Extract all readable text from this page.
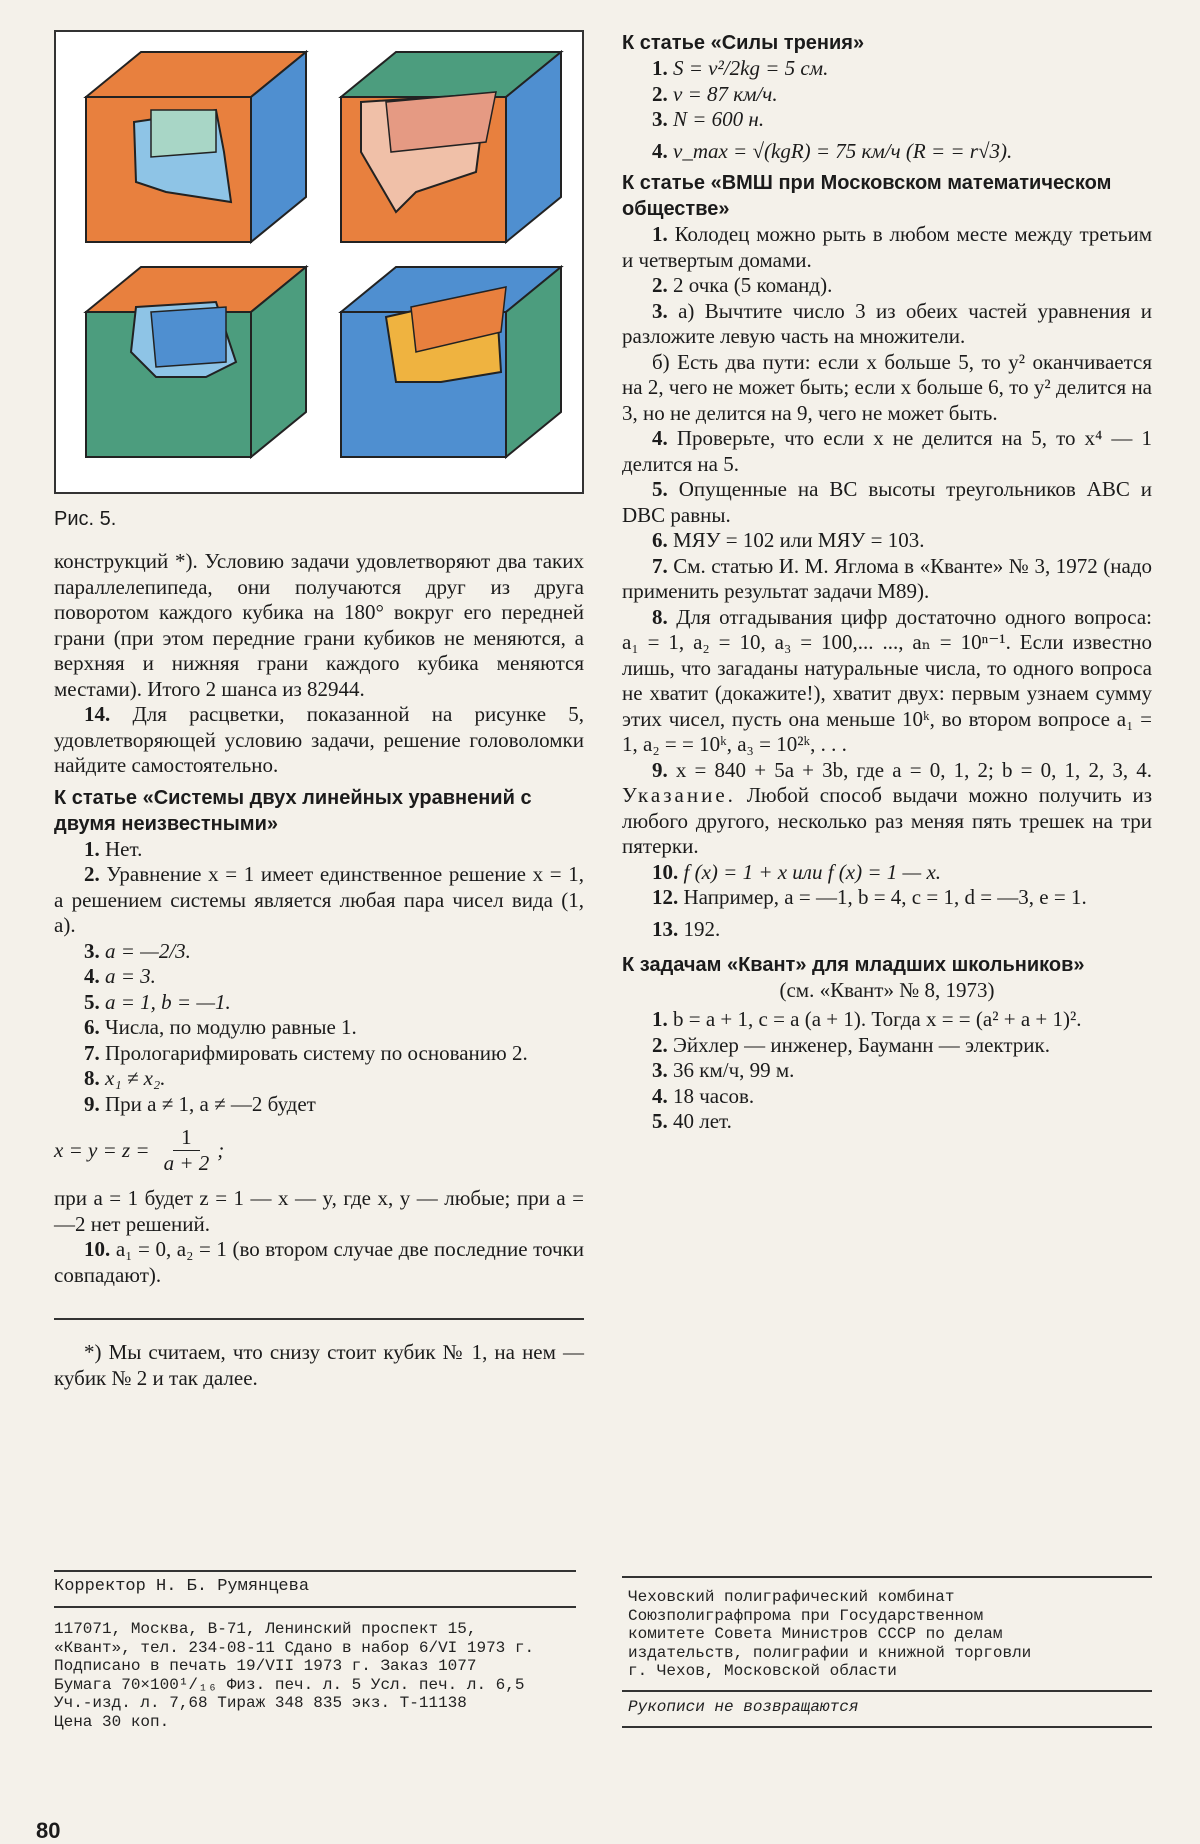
Рис. 5.

конструкций *). Условию задачи удовлетворяют два таких параллелепипеда, они получаются друг из друга поворотом каждого кубика на 180° вокруг его передней грани (при этом передние грани кубиков не меняются, а верхняя и нижняя грани каждого кубика меняются местами). Итого 2 шанса из 82944.

14. Для расцветки, показанной на рисунке 5, удовлетворяющей условию задачи, решение головоломки найдите самостоятельно.

К статье «Системы двух линейных уравнений с двумя неизвестными»

1. Нет.

2. Уравнение x = 1 имеет единственное решение x = 1, а решением системы является любая пара чисел вида (1, a).

3. a = —2/3.

4. a = 3.

5. a = 1, b = —1.

6. Числа, по модулю равные 1.

7. Прологарифмировать систему по основанию 2.

8. x₁ ≠ x₂.

9. При a ≠ 1, a ≠ —2 будет

$x = y = z = \frac{1}{a + 2}$ ;

при a = 1 будет z = 1 — x — y, где x, y — любые; при a = —2 нет решений.

10. a₁ = 0, a₂ = 1 (во втором случае две последние точки совпадают).

*) Мы считаем, что снизу стоит кубик № 1, на нем — кубик № 2 и так далее.
К статье «Силы трения»

1. S = v²/2kg = 5 см.

2. v = 87 км/ч.

3. N = 600 н.

4. v_max = √(kgR) = 75 км/ч (R = = r√3).

К статье «ВМШ при Московском математическом обществе»

1. Колодец можно рыть в любом месте между третьим и четвертым домами.

2. 2 очка (5 команд).

3. а) Вычтите число 3 из обеих частей уравнения и разложите левую часть на множители.

б) Есть два пути: если x больше 5, то y² оканчивается на 2, чего не может быть; если x больше 6, то y² делится на 3, но не делится на 9, чего не может быть.

4. Проверьте, что если x не делится на 5, то x⁴ — 1 делится на 5.

5. Опущенные на BC высоты треугольников ABC и DBC равны.

6. МЯУ = 102 или МЯУ = 103.

7. См. статью И. М. Яглома в «Кванте» № 3, 1972 (надо применить результат задачи М89).

8. Для отгадывания цифр достаточно одного вопроса: a₁ = 1, a₂ = 10, a₃ = 100,... ..., aₙ = 10ⁿ⁻¹. Если известно лишь, что загаданы натуральные числа, то одного вопроса не хватит (докажите!), хватит двух: первым узнаем сумму этих чисел, пусть она меньше 10ᵏ, во втором вопросе a₁ = 1, a₂ = = 10ᵏ, a₃ = 10²ᵏ, . . .

9. x = 840 + 5a + 3b, где a = 0, 1, 2; b = 0, 1, 2, 3, 4. Указание. Любой способ выдачи можно получить из любого другого, несколько раз меняя пять трешек на три пятерки.

10. f (x) = 1 + x или f (x) = 1 — x.

12. Например, a = —1, b = 4, c = 1, d = —3, e = 1.

13. 192.

К задачам «Квант» для младших школьников»
(см. «Квант» № 8, 1973)

1. b = a + 1, c = a (a + 1). Тогда x = = (a² + a + 1)².

2. Эйхлер — инженер, Бауманн — электрик.

3. 36 км/ч, 99 м.

4. 18 часов.

5. 40 лет.

Корректор Н. Б. Румянцева
117071, Москва, В-71, Ленинский проспект 15,
«Квант», тел. 234-08-11 Сдано в набор 6/VI 1973 г.
Подписано в печать 19/VII 1973 г. Заказ 1077
Бумага 70×100¹/₁₆ Физ. печ. л. 5 Усл. печ. л. 6,5
Уч.-изд. л. 7,68 Тираж 348 835 экз. Т-11138
Цена 30 коп.
Чеховский полиграфический комбинат
Союзполиграфпрома при Государственном
комитете Совета Министров СССР по делам
издательств, полиграфии и книжной торговли
г. Чехов, Московской области
Рукописи не возвращаются
80
